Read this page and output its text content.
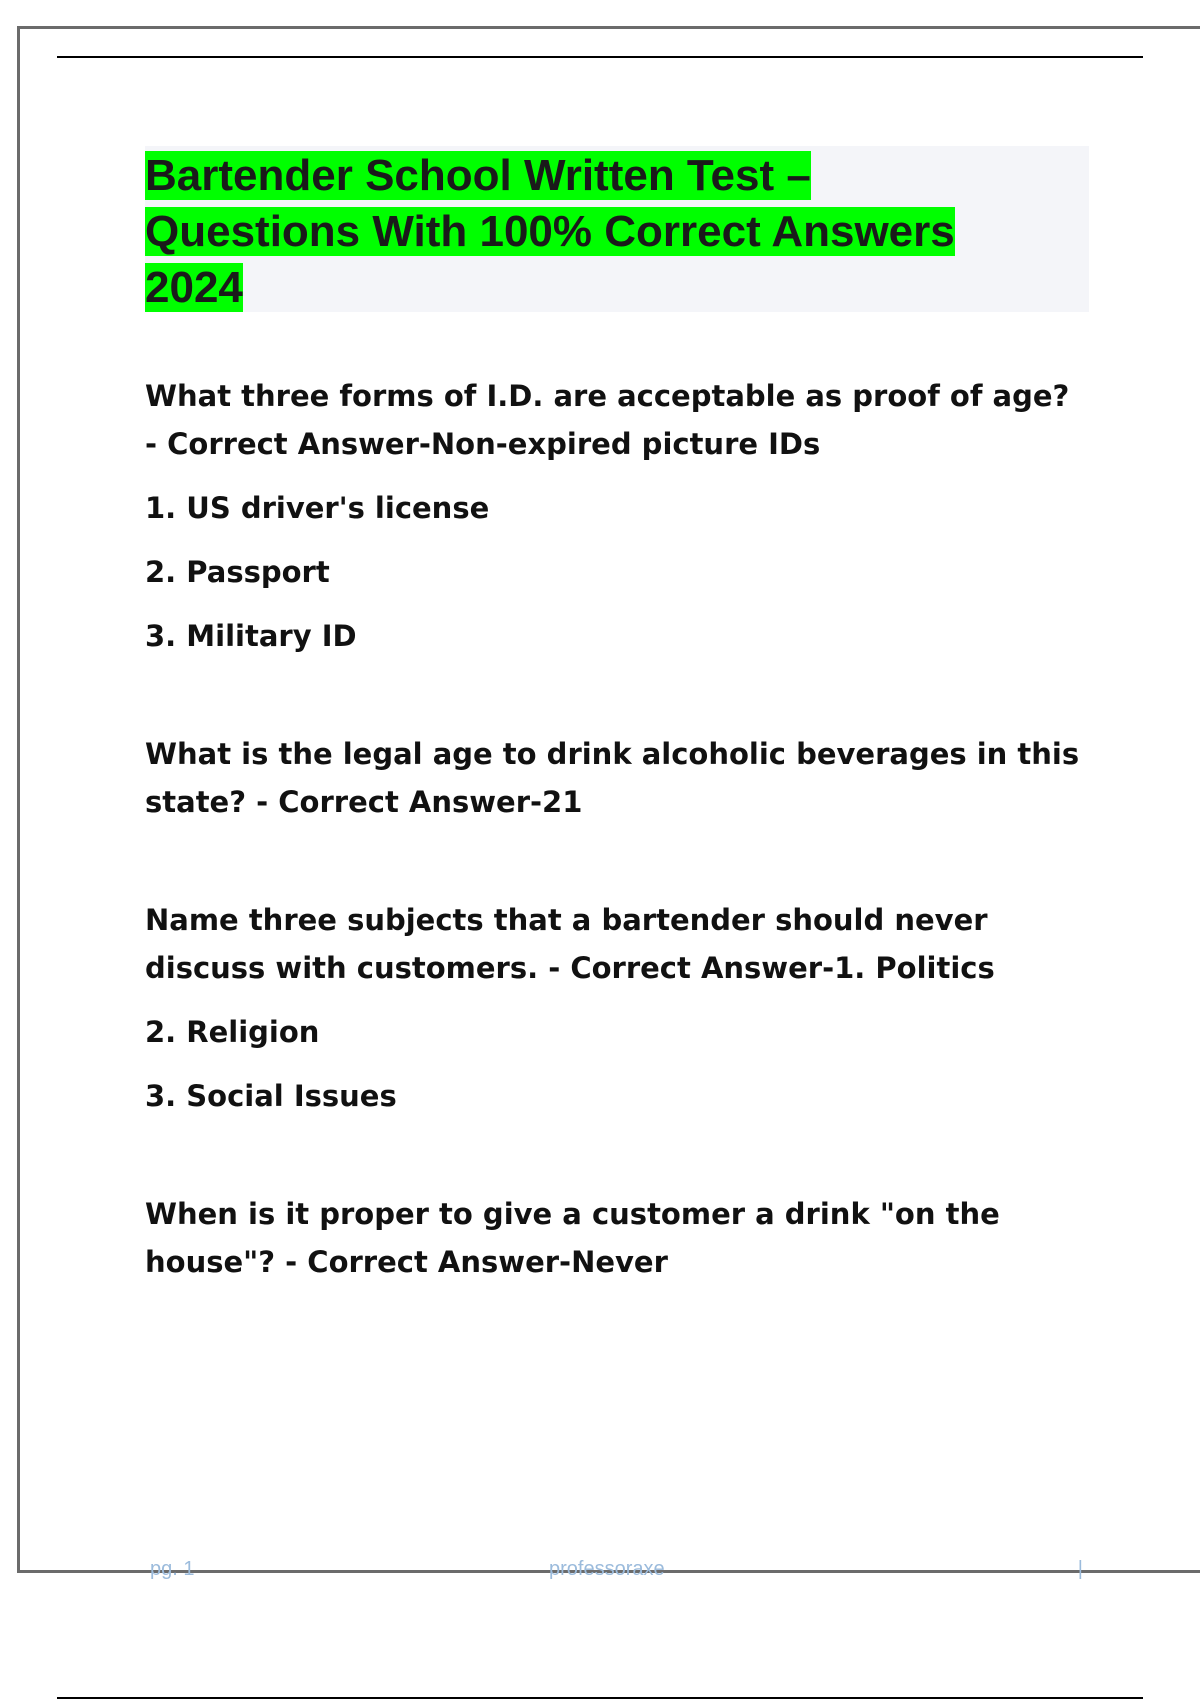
Bartender School Written Test –
Questions With 100% Correct Answers
2024

What three forms of I.D. are acceptable as proof of age? - Correct Answer-Non-expired picture IDs

1. US driver's license

2. Passport

3. Military ID

What is the legal age to drink alcoholic beverages in this state? - Correct Answer-21

Name three subjects that a bartender should never discuss with customers. - Correct Answer-1. Politics

2. Religion

3. Social Issues

When is it proper to give a customer a drink "on the house"? - Correct Answer-Never

pg. 1	professoraxe	|
